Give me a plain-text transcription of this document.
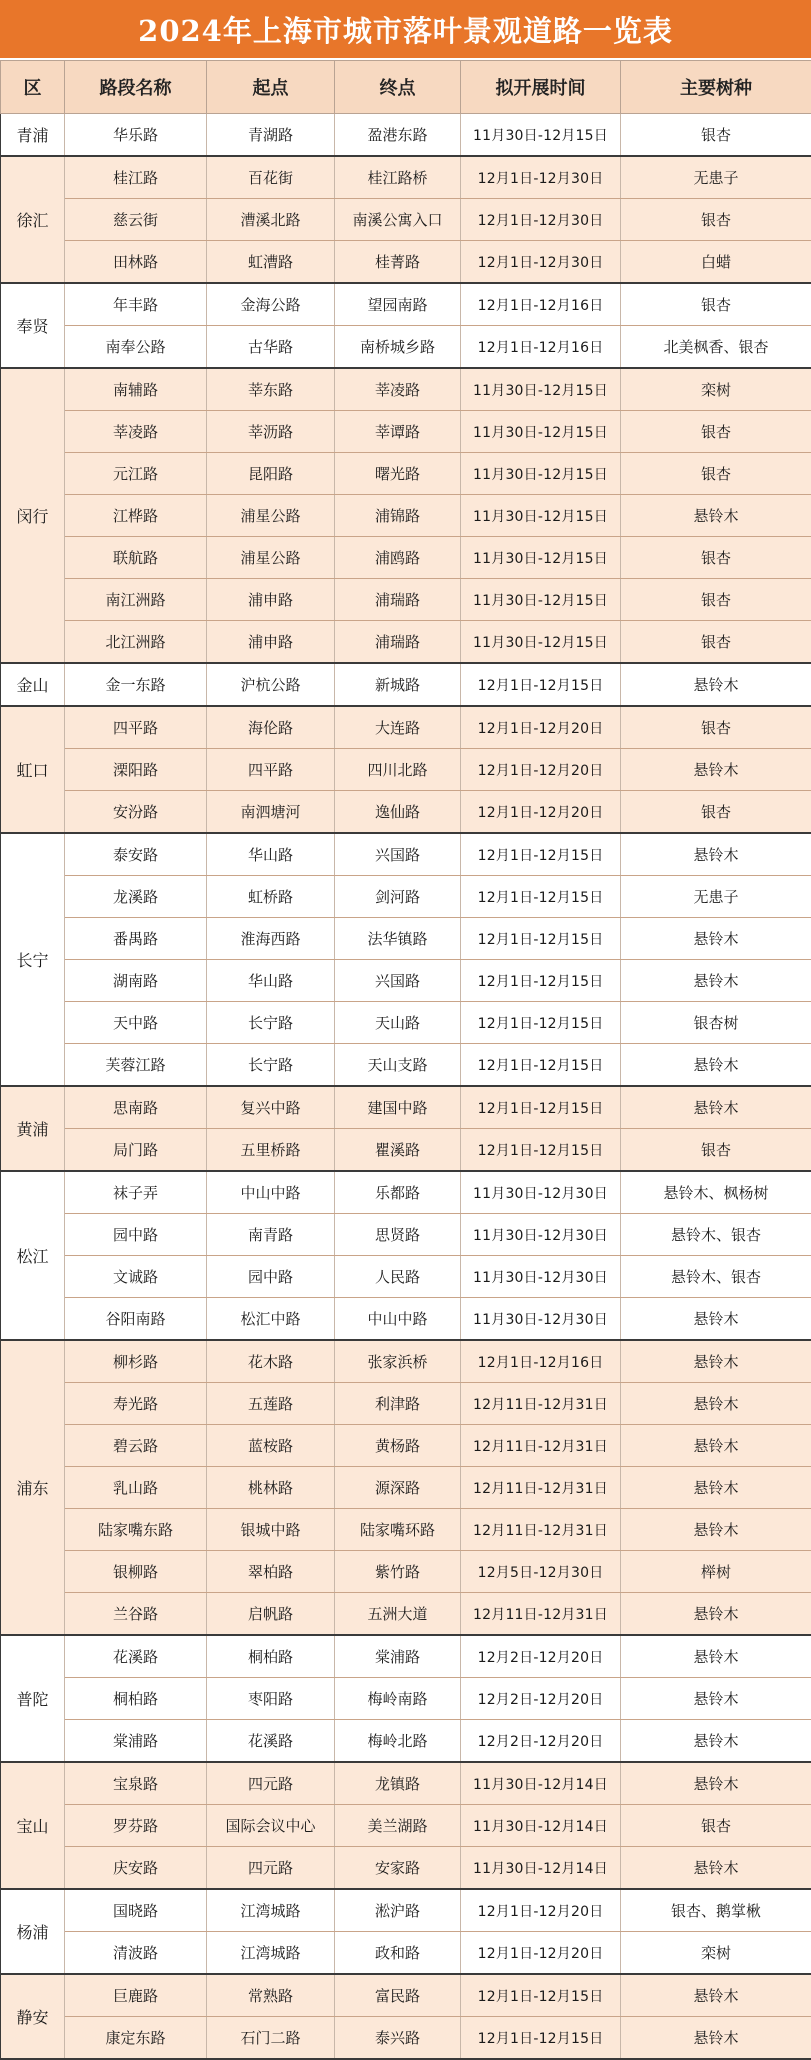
2024年上海市城市落叶景观道路一览表
区	路段名称	起点	终点	拟开展时间	主要树种
青浦	华乐路	青湖路	盈港东路	11月30日-12月15日	银杏
徐汇	桂江路	百花街	桂江路桥	12月1日-12月30日	无患子
	慈云街	漕溪北路	南溪公寓入口	12月1日-12月30日	银杏
	田林路	虹漕路	桂菁路	12月1日-12月30日	白蜡
奉贤	年丰路	金海公路	望园南路	12月1日-12月16日	银杏
	南奉公路	古华路	南桥城乡路	12月1日-12月16日	北美枫香、银杏
闵行	南辅路	莘东路	莘凌路	11月30日-12月15日	栾树
	莘凌路	莘沥路	莘谭路	11月30日-12月15日	银杏
	元江路	昆阳路	曙光路	11月30日-12月15日	银杏
	江桦路	浦星公路	浦锦路	11月30日-12月15日	悬铃木
	联航路	浦星公路	浦鸥路	11月30日-12月15日	银杏
	南江洲路	浦申路	浦瑞路	11月30日-12月15日	银杏
	北江洲路	浦申路	浦瑞路	11月30日-12月15日	银杏
金山	金一东路	沪杭公路	新城路	12月1日-12月15日	悬铃木
虹口	四平路	海伦路	大连路	12月1日-12月20日	银杏
	溧阳路	四平路	四川北路	12月1日-12月20日	悬铃木
	安汾路	南泗塘河	逸仙路	12月1日-12月20日	银杏
长宁	泰安路	华山路	兴国路	12月1日-12月15日	悬铃木
	龙溪路	虹桥路	剑河路	12月1日-12月15日	无患子
	番禺路	淮海西路	法华镇路	12月1日-12月15日	悬铃木
	湖南路	华山路	兴国路	12月1日-12月15日	悬铃木
	天中路	长宁路	天山路	12月1日-12月15日	银杏树
	芙蓉江路	长宁路	天山支路	12月1日-12月15日	悬铃木
黄浦	思南路	复兴中路	建国中路	12月1日-12月15日	悬铃木
	局门路	五里桥路	瞿溪路	12月1日-12月15日	银杏
松江	袜子弄	中山中路	乐都路	11月30日-12月30日	悬铃木、枫杨树
	园中路	南青路	思贤路	11月30日-12月30日	悬铃木、银杏
	文诚路	园中路	人民路	11月30日-12月30日	悬铃木、银杏
	谷阳南路	松汇中路	中山中路	11月30日-12月30日	悬铃木
浦东	柳杉路	花木路	张家浜桥	12月1日-12月16日	悬铃木
	寿光路	五莲路	利津路	12月11日-12月31日	悬铃木
	碧云路	蓝桉路	黄杨路	12月11日-12月31日	悬铃木
	乳山路	桃林路	源深路	12月11日-12月31日	悬铃木
	陆家嘴东路	银城中路	陆家嘴环路	12月11日-12月31日	悬铃木
	银柳路	翠柏路	紫竹路	12月5日-12月30日	榉树
	兰谷路	启帆路	五洲大道	12月11日-12月31日	悬铃木
普陀	花溪路	桐柏路	棠浦路	12月2日-12月20日	悬铃木
	桐柏路	枣阳路	梅岭南路	12月2日-12月20日	悬铃木
	棠浦路	花溪路	梅岭北路	12月2日-12月20日	悬铃木
宝山	宝泉路	四元路	龙镇路	11月30日-12月14日	悬铃木
	罗芬路	国际会议中心	美兰湖路	11月30日-12月14日	银杏
	庆安路	四元路	安家路	11月30日-12月14日	悬铃木
杨浦	国晓路	江湾城路	淞沪路	12月1日-12月20日	银杏、鹅掌楸
	清波路	江湾城路	政和路	12月1日-12月20日	栾树
静安	巨鹿路	常熟路	富民路	12月1日-12月15日	悬铃木
	康定东路	石门二路	泰兴路	12月1日-12月15日	悬铃木
